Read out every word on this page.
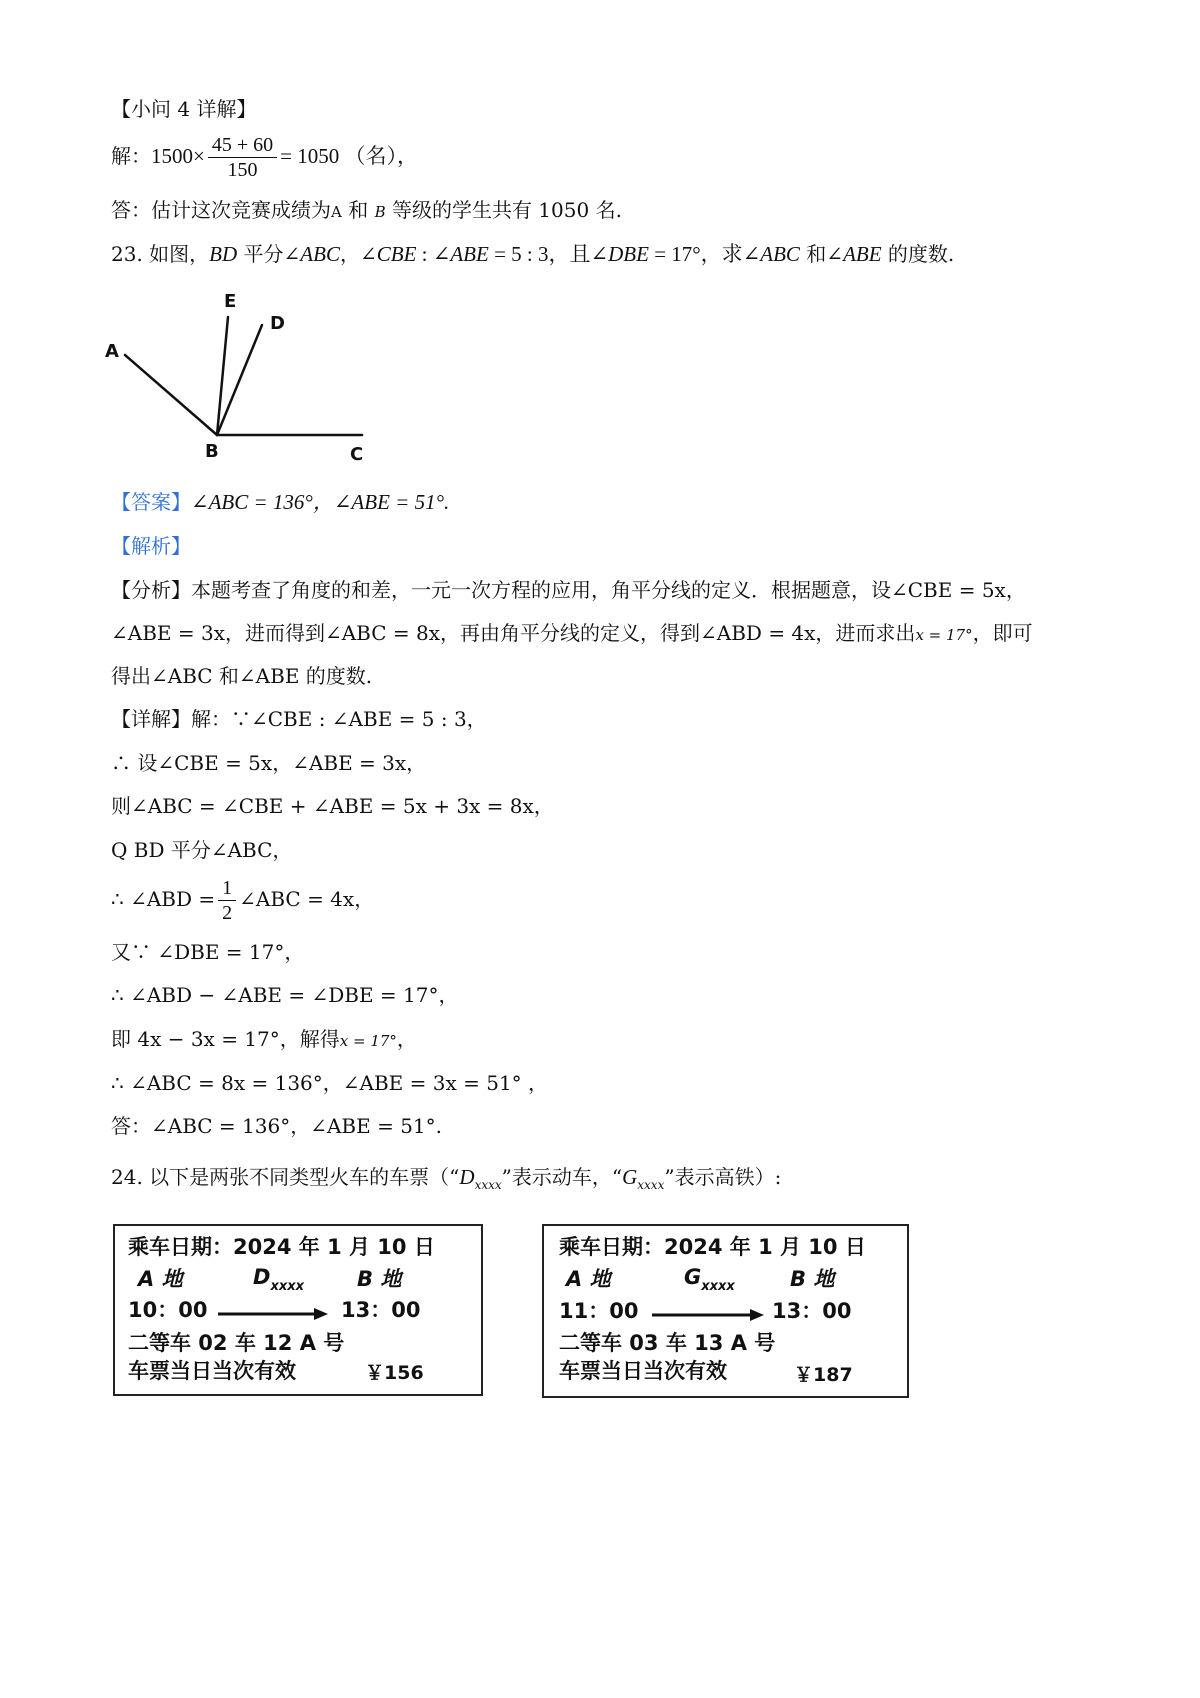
【小问 4 详解】
解：$1500\times \frac{45 + 60}{150} = 1050$ （名），
答：估计这次竞赛成绩为A 和 B 等级的学生共有 1050 名.
23. 如图，BD 平分∠ABC，∠CBE : ∠ABE = 5 : 3，且∠DBE = 17°，求∠ABC 和∠ABE 的度数.
A
B	C
D
E
【答案】∠ABC = 136°，∠ABE = 51°.
【解析】
【分析】本题考查了角度的和差，一元一次方程的应用，角平分线的定义．根据题意，设∠CBE = 5x，
∠ABE = 3x，进而得到∠ABC = 8x，再由角平分线的定义，得到∠ABD = 4x，进而求出x = 17°，即可
得出∠ABC 和∠ABE 的度数.
【详解】解：∵∠CBE : ∠ABE = 5 : 3，
∴ 设∠CBE = 5x，∠ABE = 3x，
则∠ABC = ∠CBE + ∠ABE = 5x + 3x = 8x，
Q BD 平分∠ABC，
∴ ∠ABD = $\frac{1}{2}$ ∠ABC = 4x，
又∵ ∠DBE = 17°，
∴ ∠ABD − ∠ABE = ∠DBE = 17°，
即 4x − 3x = 17°，解得x = 17°，
∴ ∠ABC = 8x = 136°，∠ABE = 3x = 51° ，
答：∠ABC = 136°，∠ABE = 51°.
24. 以下是两张不同类型火车的车票（“$D_{xxxx}$”表示动车，“$G_{xxxx}$”表示高铁）:
乘车日期：2024 年 1 月 10 日
A 地	$D_{xxxx}$	B 地
10：00	13：00
二等车 02 车 12 A 号
车票当日当次有效	￥156
乘车日期：2024 年 1 月 10 日
A 地	$G_{xxxx}$	B 地
11：00	13：00
二等车 03 车 13 A 号
车票当日当次有效	￥187
